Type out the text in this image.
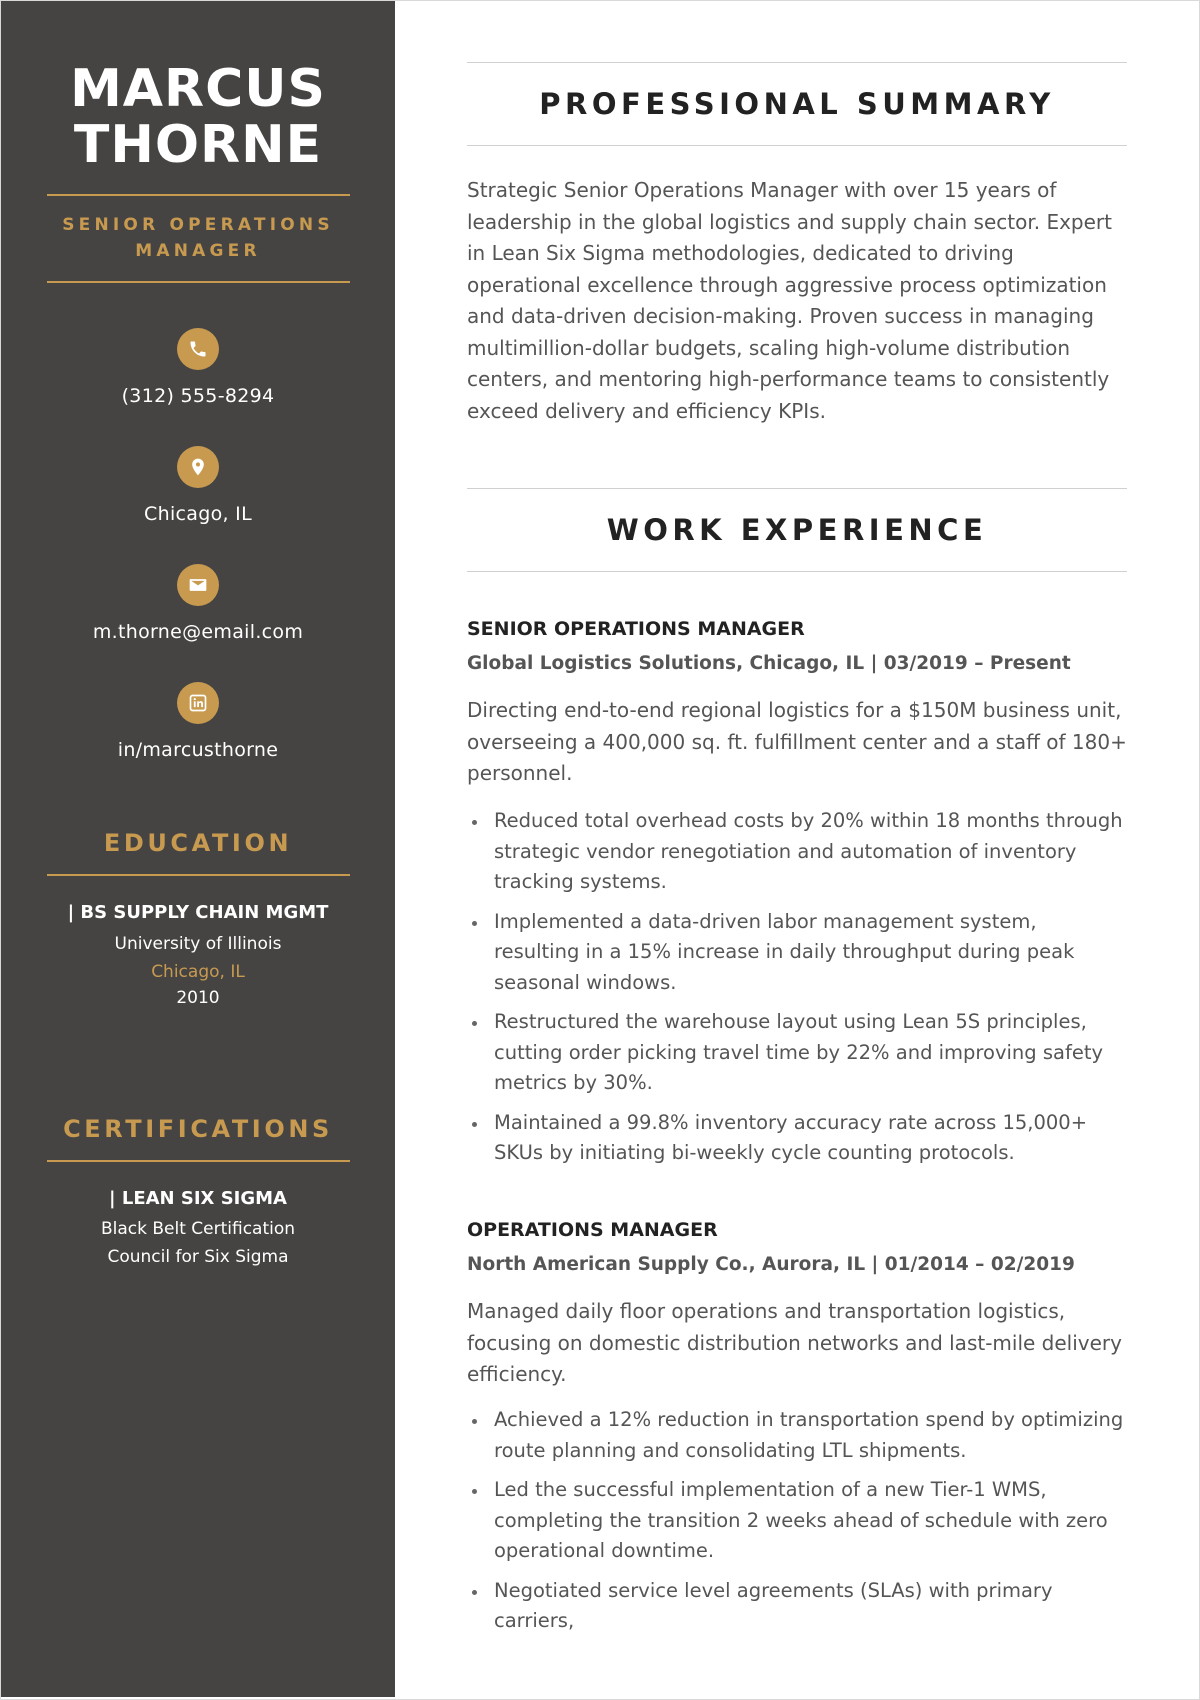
MARCUS
THORNE
SENIOR OPERATIONS
MANAGER
(312) 555-8294
Chicago, IL
m.thorne@email.com
in/marcusthorne
EDUCATION
| BS SUPPLY CHAIN MGMT
University of Illinois
Chicago, IL
2010
CERTIFICATIONS
| LEAN SIX SIGMA
Black Belt Certification
Council for Six Sigma
PROFESSIONAL SUMMARY

Strategic Senior Operations Manager with over 15 years of leadership in the global logistics and supply chain sector. Expert in Lean Six Sigma methodologies, dedicated to driving operational excellence through aggressive process optimization and data-driven decision-making. Proven success in managing multimillion-dollar budgets, scaling high-volume distribution centers, and mentoring high-performance teams to consistently exceed delivery and efficiency KPIs.

WORK EXPERIENCE
SENIOR OPERATIONS MANAGER
Global Logistics Solutions, Chicago, IL | 03/2019 – Present

Directing end-to-end regional logistics for a $150M business unit, overseeing a 400,000 sq. ft. fulfillment center and a staff of 180+ personnel.

Reduced total overhead costs by 20% within 18 months through strategic vendor renegotiation and automation of inventory tracking systems.
Implemented a data-driven labor management system, resulting in a 15% increase in daily throughput during peak seasonal windows.
Restructured the warehouse layout using Lean 5S principles, cutting order picking travel time by 22% and improving safety metrics by 30%.
Maintained a 99.8% inventory accuracy rate across 15,000+ SKUs by initiating bi-weekly cycle counting protocols.
OPERATIONS MANAGER
North American Supply Co., Aurora, IL | 01/2014 – 02/2019

Managed daily floor operations and transportation logistics, focusing on domestic distribution networks and last-mile delivery efficiency.

Achieved a 12% reduction in transportation spend by optimizing route planning and consolidating LTL shipments.
Led the successful implementation of a new Tier-1 WMS, completing the transition 2 weeks ahead of schedule with zero operational downtime.
Negotiated service level agreements (SLAs) with primary carriers,
